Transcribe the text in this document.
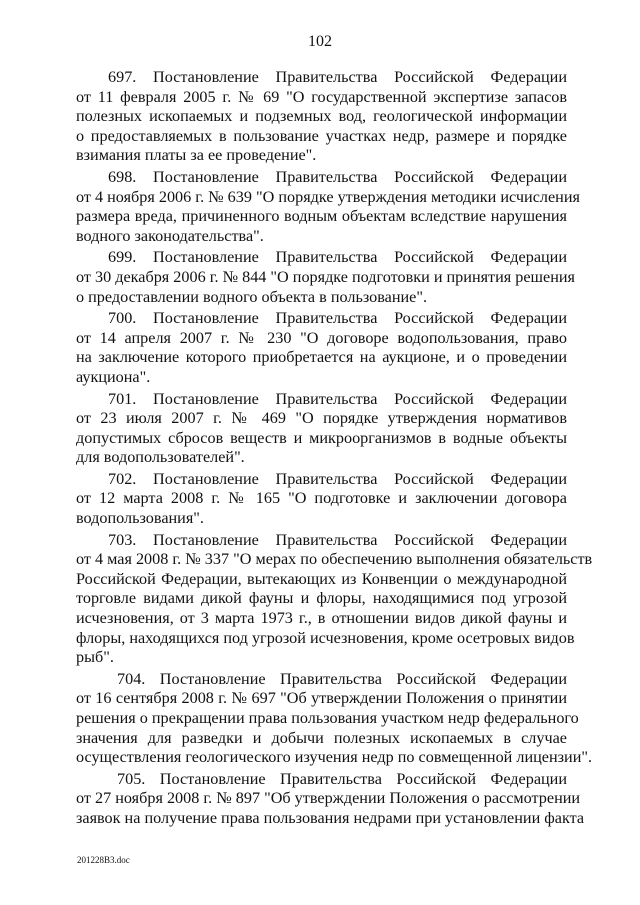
102
697. Постановление Правительства Российской Федерации
от 11 февраля 2005 г. № 69 "О государственной экспертизе запасов
полезных ископаемых и подземных вод, геологической информации
о предоставляемых в пользование участках недр, размере и порядке
взимания платы за ее проведение".
698. Постановление Правительства Российской Федерации
от 4 ноября 2006 г. № 639 "О порядке утверждения методики исчисления
размера вреда, причиненного водным объектам вследствие нарушения
водного законодательства".
699. Постановление Правительства Российской Федерации
от 30 декабря 2006 г. № 844 "О порядке подготовки и принятия решения
о предоставлении водного объекта в пользование".
700. Постановление Правительства Российской Федерации
от 14 апреля 2007 г. № 230 "О договоре водопользования, право
на заключение которого приобретается на аукционе, и о проведении
аукциона".
701. Постановление Правительства Российской Федерации
от 23 июля 2007 г. № 469 "О порядке утверждения нормативов
допустимых сбросов веществ и микроорганизмов в водные объекты
для водопользователей".
702. Постановление Правительства Российской Федерации
от 12 марта 2008 г. № 165 "О подготовке и заключении договора
водопользования".
703. Постановление Правительства Российской Федерации
от 4 мая 2008 г. № 337 "О мерах по обеспечению выполнения обязательств
Российской Федерации, вытекающих из Конвенции о международной
торговле видами дикой фауны и флоры, находящимися под угрозой
исчезновения, от 3 марта 1973 г., в отношении видов дикой фауны и
флоры, находящихся под угрозой исчезновения, кроме осетровых видов
рыб".
704. Постановление Правительства Российской Федерации
от 16 сентября 2008 г. № 697 "Об утверждении Положения о принятии
решения о прекращении права пользования участком недр федерального
значения для разведки и добычи полезных ископаемых в случае
осуществления геологического изучения недр по совмещенной лицензии".
705. Постановление Правительства Российской Федерации
от 27 ноября 2008 г. № 897 "Об утверждении Положения о рассмотрении
заявок на получение права пользования недрами при установлении факта
201228B3.doc
